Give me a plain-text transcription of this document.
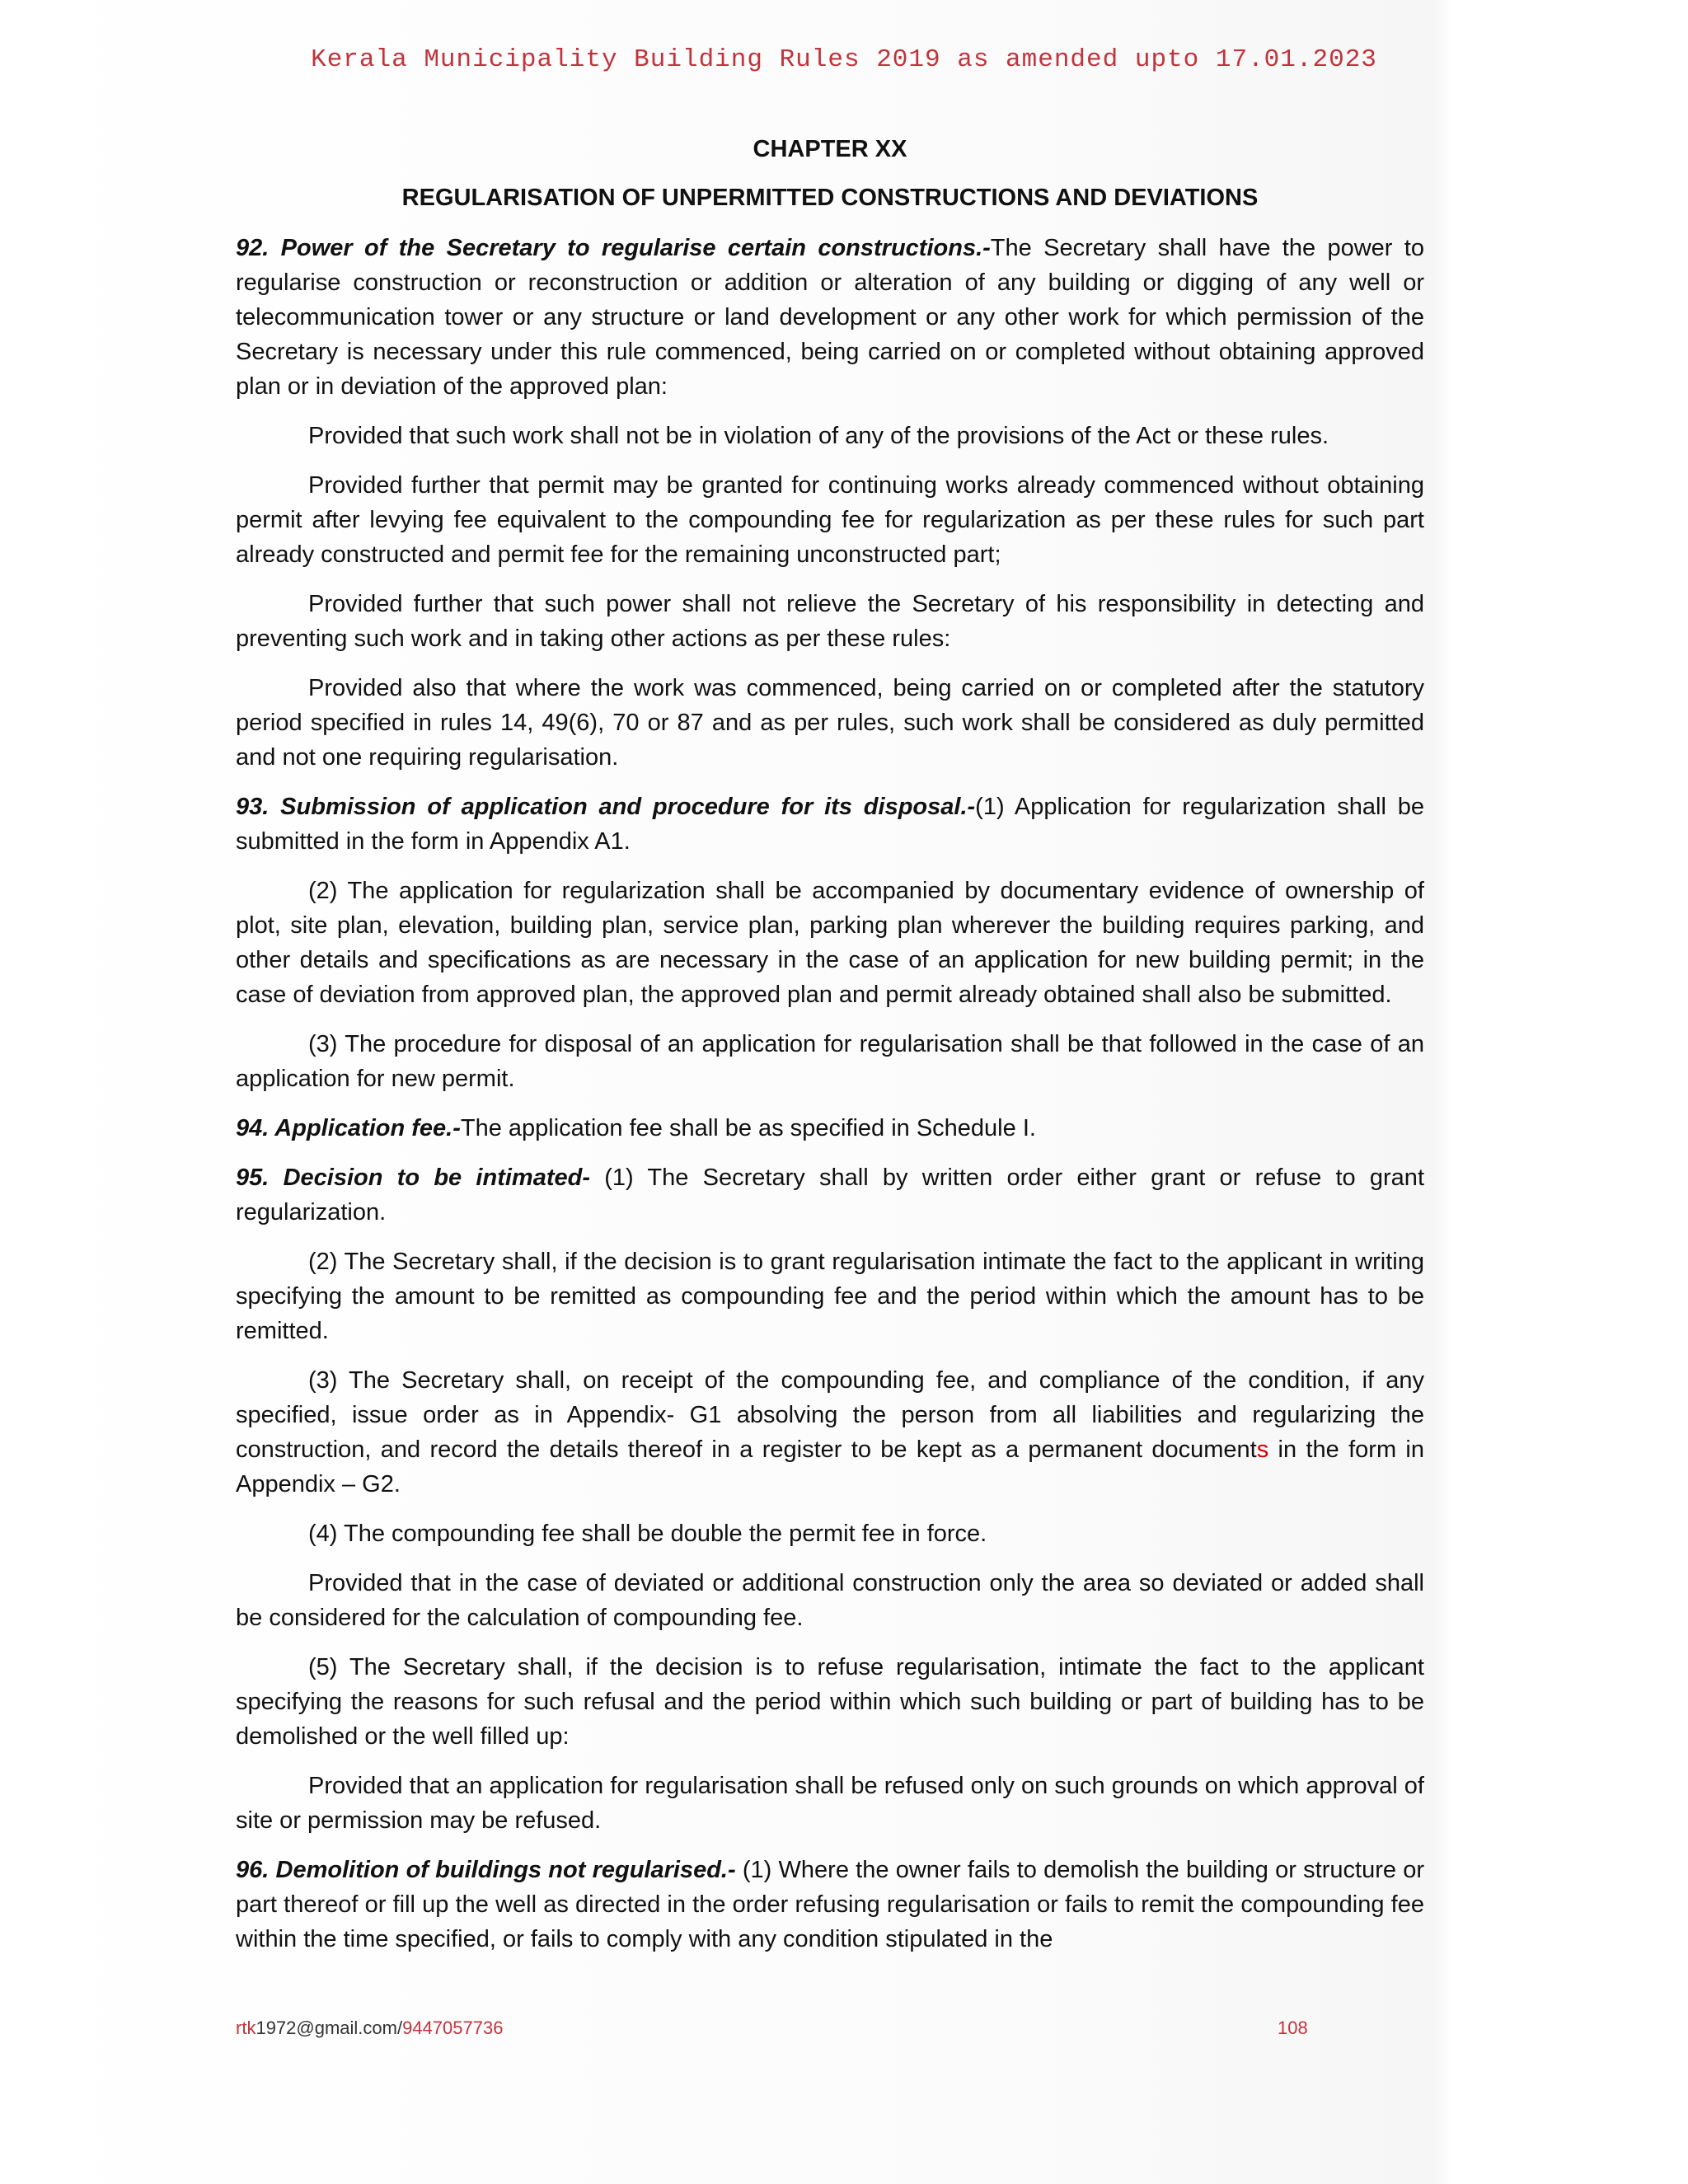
Kerala Municipality Building Rules 2019 as amended upto 17.01.2023
CHAPTER XX
REGULARISATION OF UNPERMITTED CONSTRUCTIONS AND DEVIATIONS

92. Power of the Secretary to regularise certain constructions.-The Secretary shall have the power to regularise construction or reconstruction or addition or alteration of any building or digging of any well or telecommunication tower or any structure or land development or any other work for which permission of the Secretary is necessary under this rule commenced, being carried on or completed without obtaining approved plan or in deviation of the approved plan:

Provided that such work shall not be in violation of any of the provisions of the Act or these rules.

Provided further that permit may be granted for continuing works already commenced without obtaining permit after levying fee equivalent to the compounding fee for regularization as per these rules for such part already constructed and permit fee for the remaining unconstructed part;

Provided further that such power shall not relieve the Secretary of his responsibility in detecting and preventing such work and in taking other actions as per these rules:

Provided also that where the work was commenced, being carried on or completed after the statutory period specified in rules 14, 49(6), 70 or 87 and as per rules, such work shall be considered as duly permitted and not one requiring regularisation.

93. Submission of application and procedure for its disposal.-(1) Application for regularization shall be submitted in the form in Appendix A1.

(2) The application for regularization shall be accompanied by documentary evidence of ownership of plot, site plan, elevation, building plan, service plan, parking plan wherever the building requires parking, and other details and specifications as are necessary in the case of an application for new building permit; in the case of deviation from approved plan, the approved plan and permit already obtained shall also be submitted.

(3) The procedure for disposal of an application for regularisation shall be that followed in the case of an application for new permit.

94. Application fee.-The application fee shall be as specified in Schedule I.

95. Decision to be intimated- (1) The Secretary shall by written order either grant or refuse to grant regularization.

(2) The Secretary shall, if the decision is to grant regularisation intimate the fact to the applicant in writing specifying the amount to be remitted as compounding fee and the period within which the amount has to be remitted.

(3) The Secretary shall, on receipt of the compounding fee, and compliance of the condition, if any specified, issue order as in Appendix- G1 absolving the person from all liabilities and regularizing the construction, and record the details thereof in a register to be kept as a permanent documents in the form in Appendix – G2.

(4) The compounding fee shall be double the permit fee in force.

Provided that in the case of deviated or additional construction only the area so deviated or added shall be considered for the calculation of compounding fee.

(5) The Secretary shall, if the decision is to refuse regularisation, intimate the fact to the applicant specifying the reasons for such refusal and the period within which such building or part of building has to be demolished or the well filled up:

Provided that an application for regularisation shall be refused only on such grounds on which approval of site or permission may be refused.

96. Demolition of buildings not regularised.- (1) Where the owner fails to demolish the building or structure or part thereof or fill up the well as directed in the order refusing regularisation or fails to remit the compounding fee within the time specified, or fails to comply with any condition stipulated in the

rtk1972@gmail.com/9447057736	108
